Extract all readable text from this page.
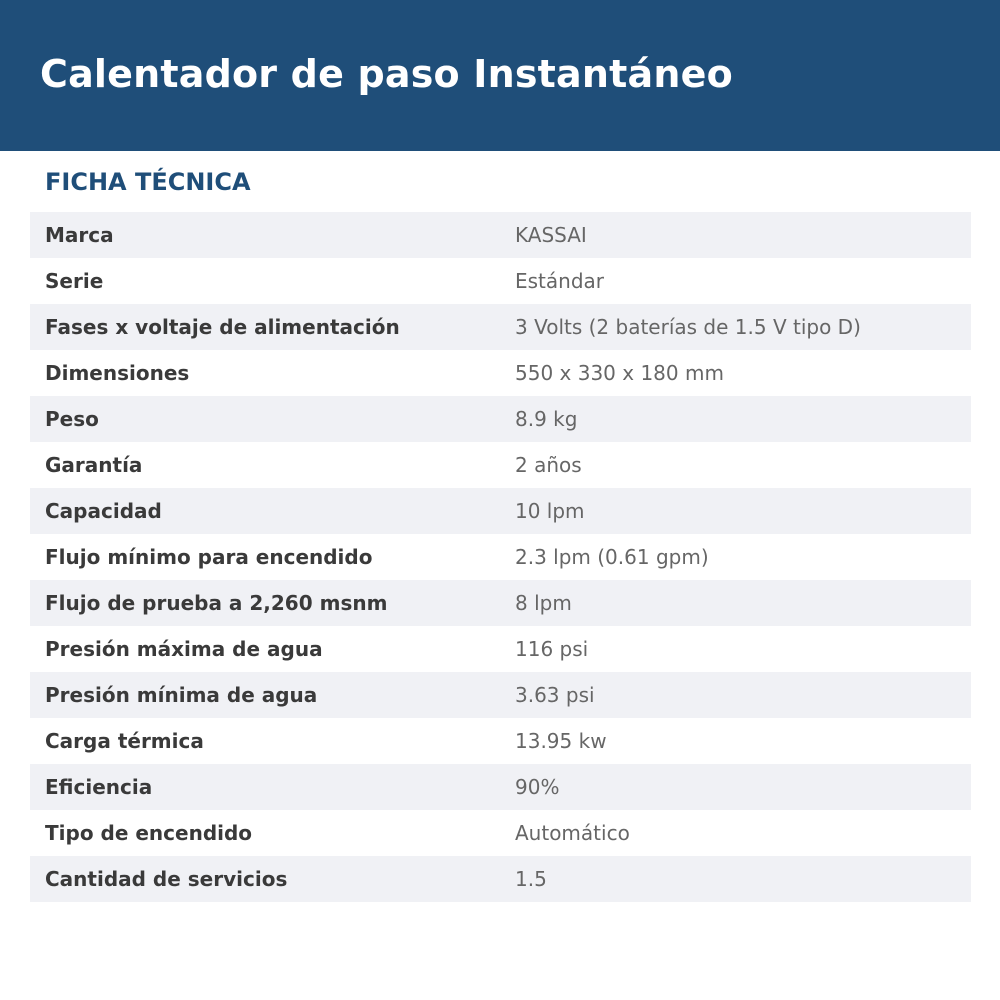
Calentador de paso Instantáneo
FICHA TÉCNICA
Marca	KASSAI
Serie	Estándar
Fases x voltaje de alimentación	3 Volts (2 baterías de 1.5 V tipo D)
Dimensiones	550 x 330 x 180 mm
Peso	8.9 kg
Garantía	2 años
Capacidad	10 lpm
Flujo mínimo para encendido	2.3 lpm (0.61 gpm)
Flujo de prueba a 2,260 msnm	8 lpm
Presión máxima de agua	116 psi
Presión mínima de agua	3.63 psi
Carga térmica	13.95 kw
Eficiencia	90%
Tipo de encendido	Automático
Cantidad de servicios	1.5
